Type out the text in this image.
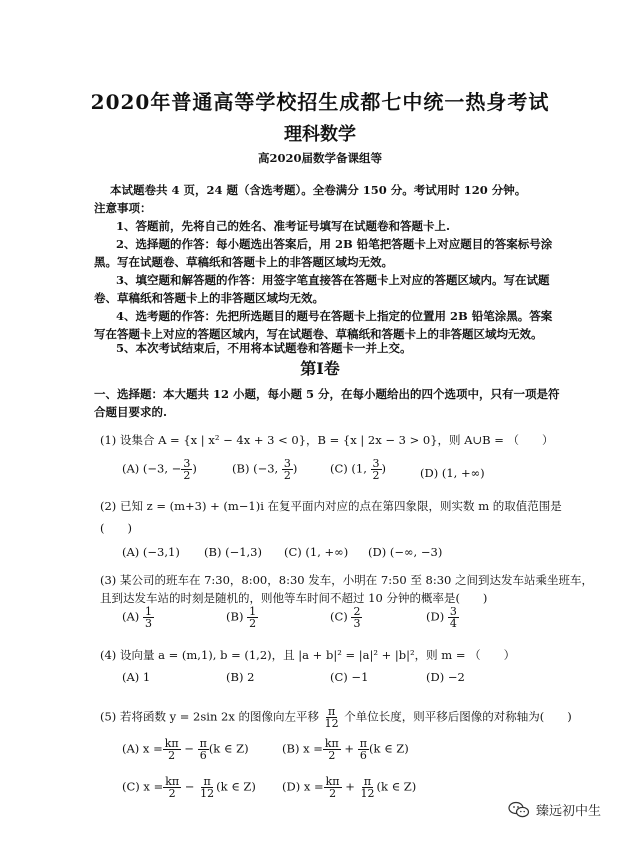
2020年普通高等学校招生成都七中统一热身考试
理科数学
高2020届数学备课组等
本试题卷共 4 页，24 题（含选考题）。全卷满分 150 分。考试用时 120 分钟。
注意事项：
1、答题前，先将自己的姓名、准考证号填写在试题卷和答题卡上.
2、选择题的作答：每小题选出答案后，用 2B 铅笔把答题卡上对应题目的答案标号涂
黑。写在试题卷、草稿纸和答题卡上的非答题区域均无效。
3、填空题和解答题的作答：用签字笔直接答在答题卡上对应的答题区域内。写在试题
卷、草稿纸和答题卡上的非答题区域均无效。
4、选考题的作答：先把所选题目的题号在答题卡上指定的位置用 2B 铅笔涂黑。答案
写在答题卡上对应的答题区域内，写在试题卷、草稿纸和答题卡上的非答题区域均无效。
5、本次考试结束后，不用将本试题卷和答题卡一并上交。
第Ⅰ卷
一、选择题：本大题共 12 小题，每小题 5 分，在每小题给出的四个选项中，只有一项是符
合题目要求的.
(1) 设集合 A = {x | x² − 4x + 3 < 0}，B = {x | 2x − 3 > 0}，则 A∪B = （　　）
(A) (−3, − $\frac{3}{2}$ )	(B) (−3, $\frac{3}{2}$ )	(C) (1, $\frac{3}{2}$ )	(D) (1, +∞)
(2) 已知 z = (m+3) + (m−1)i 在复平面内对应的点在第四象限，则实数 m 的取值范围是
(　　)
(A) (−3,1) (B) (−1,3) (C) (1, +∞) (D) (−∞, −3)
(3) 某公司的班车在 7:30，8:00，8:30 发车，小明在 7:50 至 8:30 之间到达发车站乘坐班车，
且到达发车站的时刻是随机的，则他等车时间不超过 10 分钟的概率是(　　)
$(A) \frac{1}{3}$	$(B) \frac{1}{2}$	$(C) \frac{2}{3}$	$(D) \frac{3}{4}$
(4) 设向量 a = (m,1), b = (1,2)，且 |a + b|² = |a|² + |b|²，则 m = （　　）
(A) 1	(B) 2	(C) −1	(D) −2
(5) 若将函数 y = 2sin 2x 的图像向左平移 $\frac{\pi}{12}$ 个单位长度，则平移后图像的对称轴为(　　)
(A) $x = \frac{k\pi}{2} - \frac{\pi}{6} (k$ ∈ Z)	(B) $x = \frac{k\pi}{2} + \frac{\pi}{6} (k$ ∈ Z)
(C) $x = \frac{k\pi}{2} - \frac{\pi}{12} (k$ ∈ Z) (D) $x = \frac{k\pi}{2} + \frac{\pi}{12} (k$ ∈ Z)
臻远初中生
